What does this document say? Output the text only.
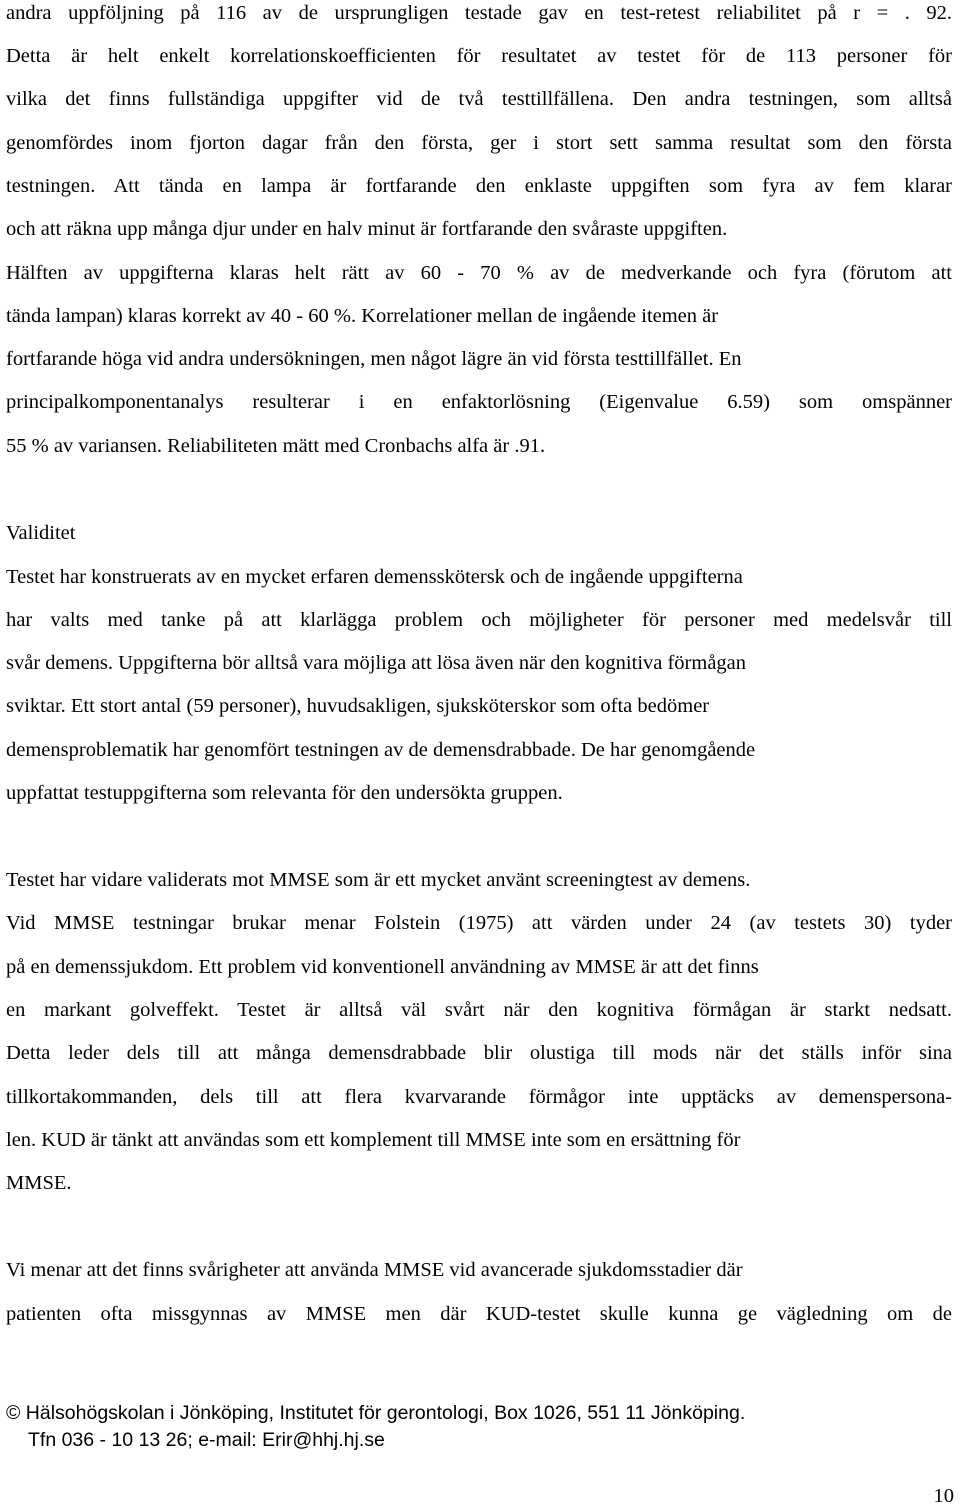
andra uppföljning på 116 av de ursprungligen testade gav en test-retest reliabilitet på r = . 92.
Detta är helt enkelt korrelationskoefficienten för resultatet av testet för de 113 personer för
vilka det finns fullständiga uppgifter vid de två testtillfällena. Den andra testningen, som alltså
genomfördes inom fjorton dagar från den första, ger i stort sett samma resultat som den första
testningen. Att tända en lampa är fortfarande den enklaste uppgiften som fyra av fem klarar
och att räkna upp många djur under en halv minut är fortfarande den svåraste uppgiften.
Hälften av uppgifterna klaras helt rätt av 60 - 70 % av de medverkande och fyra (förutom att
tända lampan) klaras korrekt av 40 - 60 %. Korrelationer mellan de ingående itemen är
fortfarande höga vid andra undersökningen, men något lägre än vid första testtillfället. En
principalkomponentanalys resulterar i en enfaktorlösning (Eigenvalue 6.59) som omspänner
55 % av variansen. Reliabiliteten mätt med Cronbachs alfa är .91.
Validitet
Testet har konstruerats av en mycket erfaren demensskötersk och de ingående uppgifterna
har valts med tanke på att klarlägga problem och möjligheter för personer med medelsvår till
svår demens. Uppgifterna bör alltså vara möjliga att lösa även när den kognitiva förmågan
sviktar. Ett stort antal (59 personer), huvudsakligen, sjuksköterskor som ofta bedömer
demensproblematik har genomfört testningen av de demensdrabbade. De har genomgående
uppfattat testuppgifterna som relevanta för den undersökta gruppen.
Testet har vidare validerats mot MMSE som är ett mycket använt screeningtest av demens.
Vid MMSE testningar brukar menar Folstein (1975) att värden under 24 (av testets 30) tyder
på en demenssjukdom. Ett problem vid konventionell användning av MMSE är att det finns
en markant golveffekt. Testet är alltså väl svårt när den kognitiva förmågan är starkt nedsatt.
Detta leder dels till att många demensdrabbade blir olustiga till mods när det ställs inför sina
tillkortakommanden, dels till att flera kvarvarande förmågor inte upptäcks av demenspersona-
len. KUD är tänkt att användas som ett komplement till MMSE inte som en ersättning för
MMSE.
Vi menar att det finns svårigheter att använda MMSE vid avancerade sjukdomsstadier där
patienten ofta missgynnas av MMSE men där KUD-testet skulle kunna ge vägledning om de
© Hälsohögskolan i Jönköping, Institutet för gerontologi, Box 1026, 551 11 Jönköping.
Tfn 036 - 10 13 26; e-mail: Erir@hhj.hj.se
10
